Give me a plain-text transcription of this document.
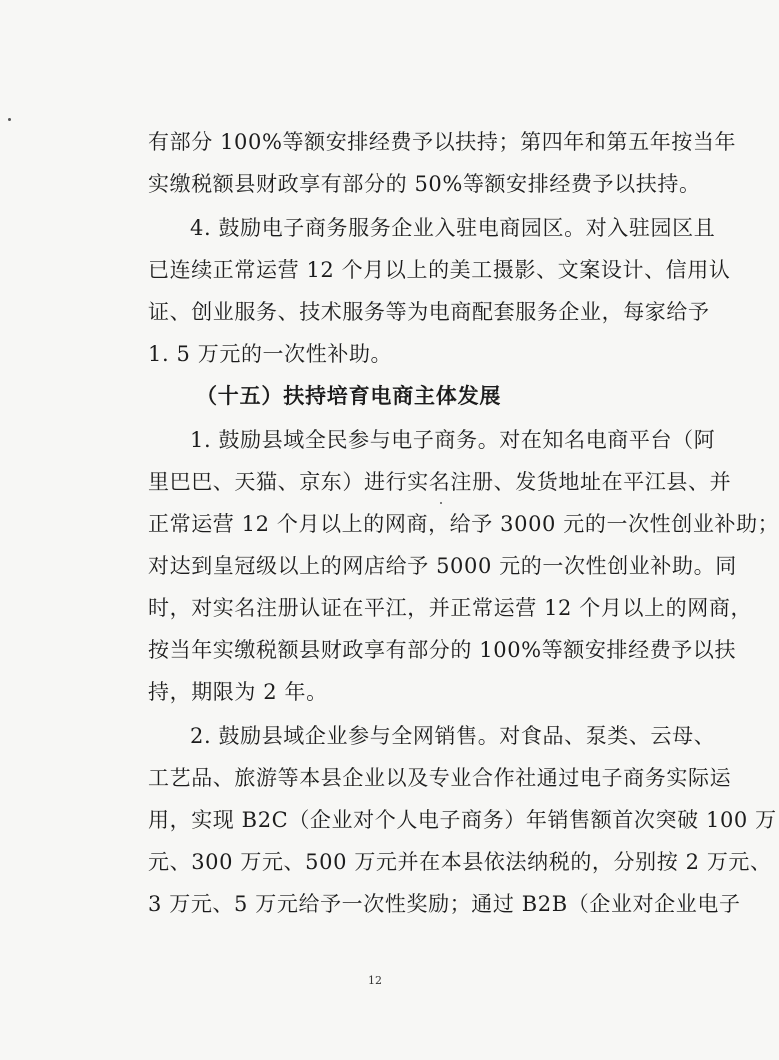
有部分 100%等额安排经费予以扶持；第四年和第五年按当年
实缴税额县财政享有部分的 50%等额安排经费予以扶持。
4. 鼓励电子商务服务企业入驻电商园区。对入驻园区且
已连续正常运营 12 个月以上的美工摄影、文案设计、信用认
证、创业服务、技术服务等为电商配套服务企业，每家给予
1. 5 万元的一次性补助。
（十五）扶持培育电商主体发展
1. 鼓励县域全民参与电子商务。对在知名电商平台（阿
里巴巴、天猫、京东）进行实名注册、发货地址在平江县、并
正常运营 12 个月以上的网商，给予 3000 元的一次性创业补助；
对达到皇冠级以上的网店给予 5000 元的一次性创业补助。同
时，对实名注册认证在平江，并正常运营 12 个月以上的网商，
按当年实缴税额县财政享有部分的 100%等额安排经费予以扶
持，期限为 2 年。
2. 鼓励县域企业参与全网销售。对食品、泵类、云母、
工艺品、旅游等本县企业以及专业合作社通过电子商务实际运
用，实现 B2C（企业对个人电子商务）年销售额首次突破 100 万
元、300 万元、500 万元并在本县依法纳税的，分别按 2 万元、
3 万元、5 万元给予一次性奖励；通过 B2B（企业对企业电子
12
